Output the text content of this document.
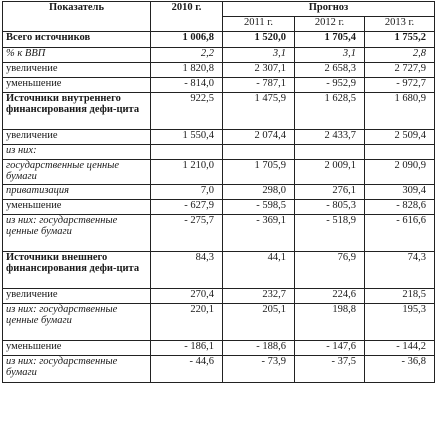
Показатель	2010 г.	Прогноз		
		2011 г.	2012 г.	2013 г.
Всего источников	1 006,8	1 520,0	1 705,4	1 755,2
% к ВВП	2,2	3,1	3,1	2,8
увеличение	1 820,8	2 307,1	2 658,3	2 727,9
уменьшение	- 814,0	- 787,1	- 952,9	- 972,7
Источники внутреннего финансирования дефи-цита	922,5	1 475,9	1 628,5	1 680,9
увеличение	1 550,4	2 074,4	2 433,7	2 509,4
из них:				
государственные ценные бумаги	1 210,0	1 705,9	2 009,1	2 090,9
приватизация	7,0	298,0	276,1	309,4
уменьшение	- 627,9	- 598,5	- 805,3	- 828,6
из них: государственные ценные бумаги	- 275,7	- 369,1	- 518,9	- 616,6
Источники внешнего финансирования дефи-цита	84,3	44,1	76,9	74,3
увеличение	270,4	232,7	224,6	218,5
из них: государственные ценные бумаги	220,1	205,1	198,8	195,3
уменьшение	- 186,1	- 188,6	- 147,6	- 144,2
из них: государственные бумаги	- 44,6	- 73,9	- 37,5	- 36,8
